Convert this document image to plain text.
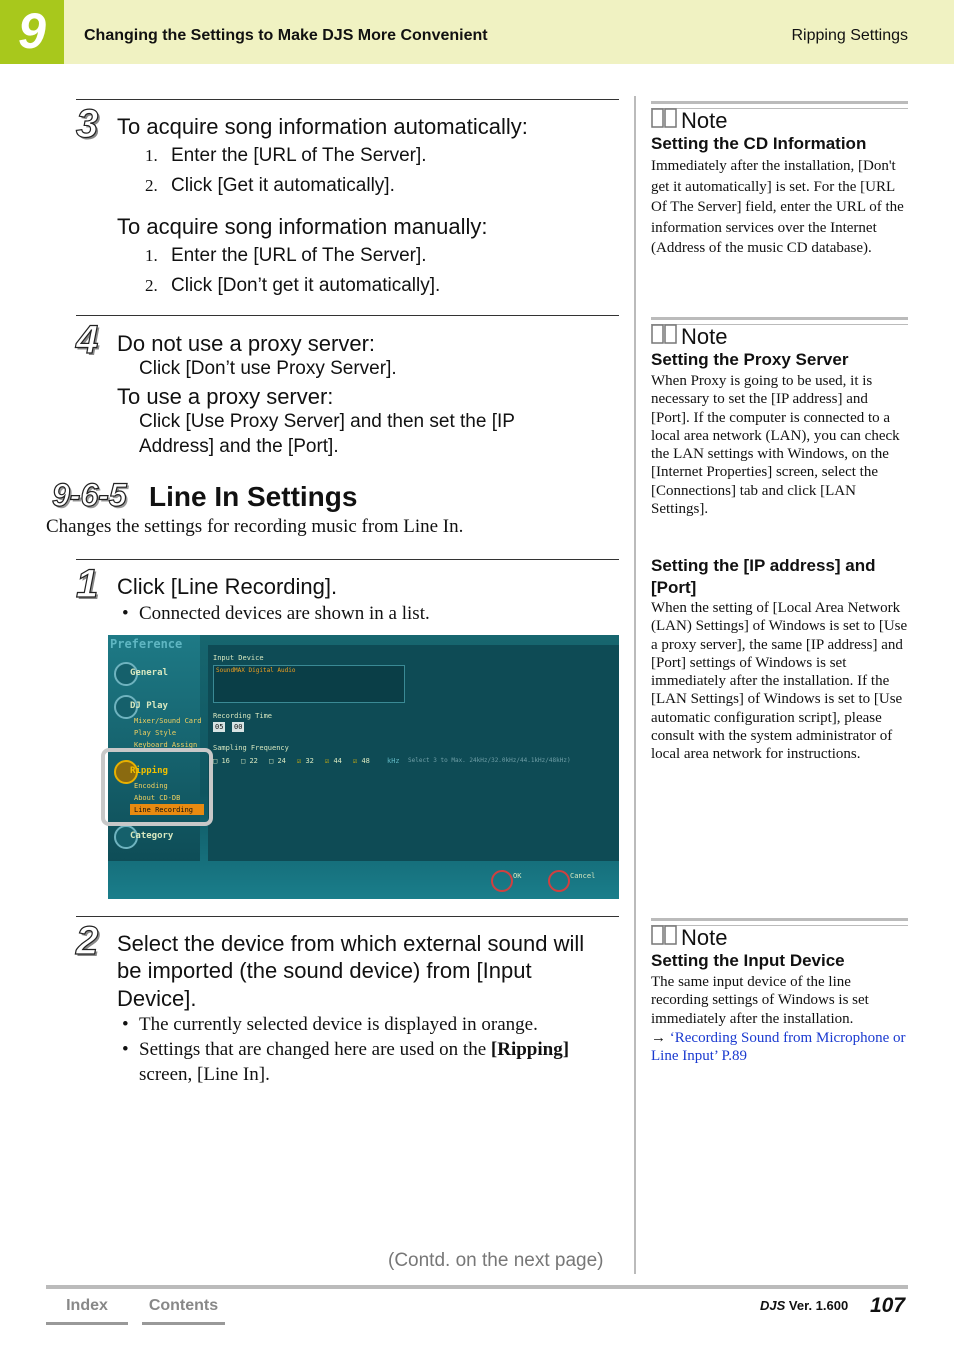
9	Changing the Settings to Make DJS More Convenient	Ripping Settings
3 To acquire song information automatically:
1. Enter the [URL of The Server].
2. Click [Get it automatically].
To acquire song information manually:
1. Enter the [URL of The Server].
2. Click [Don’t get it automatically].
4 Do not use a proxy server:
Click [Don’t use Proxy Server].
To use a proxy server:
Click [Use Proxy Server] and then set the [IP
Address] and the [Port].
9-6-5 Line In Settings
Changes the settings for recording music from Line In.
1 Click [Line Recording].
• Connected devices are shown in a list.
Preference
General
DJ Play
Mixer/Sound Card
Play Style
Keyboard Assign
Ripping
Encoding
About CD-DB
Line Recording
Category
Input Device
SoundMAX Digital Audio
Recording Time
05 00
Sampling Frequency
□ 16 □ 22 □ 24 ☑ 32 ☑ 44 ☑ 48 kHz Select 3 to Max. 24kHz/32.0kHz/44.1kHz/48kHz)
OK	Cancel
2 Select the device from which external sound will
be imported (the sound device) from [Input
Device].
• The currently selected device is displayed in orange.
• Settings that are changed here are used on the [Ripping]
screen, [Line In].
(Contd. on the next page)
Note
Setting the CD Information
Immediately after the installation, [Don't get it automatically] is set. For the [URL Of The Server] field, enter the URL of the information services over the Internet (Address of the music CD database).
Note
Setting the Proxy Server
When Proxy is going to be used, it is necessary to set the [IP address] and [Port]. If the computer is connected to a local area network (LAN), you can check the LAN settings with Windows, on the [Internet Properties] screen, select the [Connections] tab and click [LAN Settings].
Setting the [IP address] and [Port]
When the setting of [Local Area Network (LAN) Settings] of Windows is set to [Use a proxy server], the same [IP address] and [Port] settings of Windows is set immediately after the installation. If the [LAN Settings] of Windows is set to [Use automatic configuration script], please consult with the system administrator of local area network for instructions.
Note
Setting the Input Device
The same input device of the line recording settings of Windows is set immediately after the installation.
→ ‘Recording Sound from Microphone or Line Input’ P.89
Index	Contents	DJS Ver. 1.600 107
